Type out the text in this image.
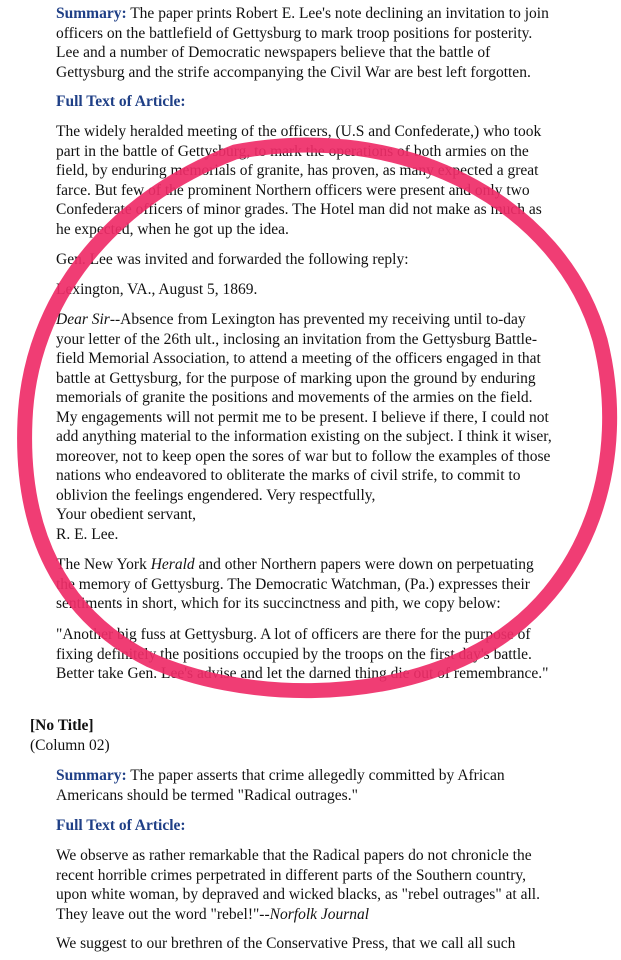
Summary: The paper prints Robert E. Lee's note declining an invitation to join
officers on the battlefield of Gettysburg to mark troop positions for posterity.
Lee and a number of Democratic newspapers believe that the battle of
Gettysburg and the strife accompanying the Civil War are best left forgotten.

Full Text of Article:

The widely heralded meeting of the officers, (U.S and Confederate,) who took
part in the battle of Gettysburg, to mark the operations of both armies on the
field, by enduring memorials of granite, has proven, as many expected a great
farce. But few of the prominent Northern officers were present and only two
Confederate officers of minor grades. The Hotel man did not make as much as
he expected, when he got up the idea.

Gen. Lee was invited and forwarded the following reply:

Lexington, VA., August 5, 1869.

Dear Sir--Absence from Lexington has prevented my receiving until to-day
your letter of the 26th ult., inclosing an invitation from the Gettysburg Battle-
field Memorial Association, to attend a meeting of the officers engaged in that
battle at Gettysburg, for the purpose of marking upon the ground by enduring
memorials of granite the positions and movements of the armies on the field.
My engagements will not permit me to be present. I believe if there, I could not
add anything material to the information existing on the subject. I think it wiser,
moreover, not to keep open the sores of war but to follow the examples of those
nations who endeavored to obliterate the marks of civil strife, to commit to
oblivion the feelings engendered. Very respectfully,
Your obedient servant,
R. E. Lee.

The New York Herald and other Northern papers were down on perpetuating
the memory of Gettysburg. The Democratic Watchman, (Pa.) expresses their
sentiments in short, which for its succinctness and pith, we copy below:

"Another big fuss at Gettysburg. A lot of officers are there for the purpose of
fixing definitely the positions occupied by the troops on the first day's battle.
Better take Gen. Lee's advise and let the darned thing die out of remembrance."

[No Title]

(Column 02)

Summary: The paper asserts that crime allegedly committed by African
Americans should be termed "Radical outrages."

Full Text of Article:

We observe as rather remarkable that the Radical papers do not chronicle the
recent horrible crimes perpetrated in different parts of the Southern country,
upon white woman, by depraved and wicked blacks, as "rebel outrages" at all.
They leave out the word "rebel!"--Norfolk Journal

We suggest to our brethren of the Conservative Press, that we call all such
